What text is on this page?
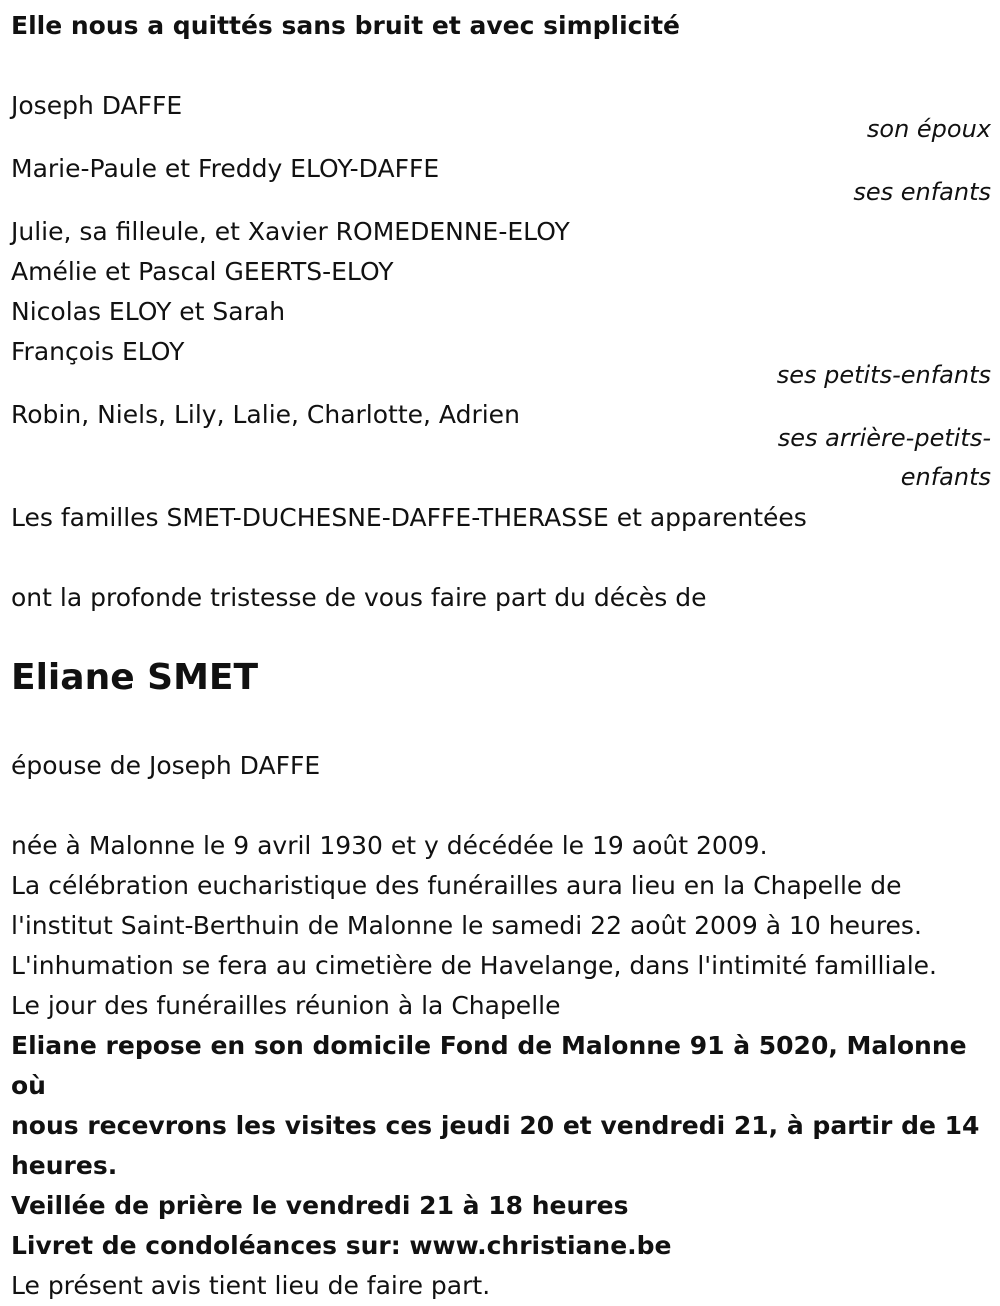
Elle nous a quittés sans bruit et avec simplicité
Joseph DAFFE
son époux
Marie-Paule et Freddy ELOY-DAFFE
ses enfants
Julie, sa filleule, et Xavier ROMEDENNE-ELOY
Amélie et Pascal GEERTS-ELOY
Nicolas ELOY et Sarah
François ELOY
ses petits-enfants
Robin, Niels, Lily, Lalie, Charlotte, Adrien
ses arrière-petits-
enfants
Les familles SMET-DUCHESNE-DAFFE-THERASSE et apparentées
ont la profonde tristesse de vous faire part du décès de
Eliane SMET
épouse de Joseph DAFFE
née à Malonne le 9 avril 1930 et y décédée le 19 août 2009.
La célébration eucharistique des funérailles aura lieu en la Chapelle de
l'institut Saint-Berthuin de Malonne le samedi 22 août 2009 à 10 heures.
L'inhumation se fera au cimetière de Havelange, dans l'intimité familliale.
Le jour des funérailles réunion à la Chapelle
Eliane repose en son domicile Fond de Malonne 91 à 5020, Malonne où
nous recevrons les visites ces jeudi 20 et vendredi 21, à partir de 14
heures.
Veillée de prière le vendredi 21 à 18 heures
Livret de condoléances sur: www.christiane.be
Le présent avis tient lieu de faire part.
